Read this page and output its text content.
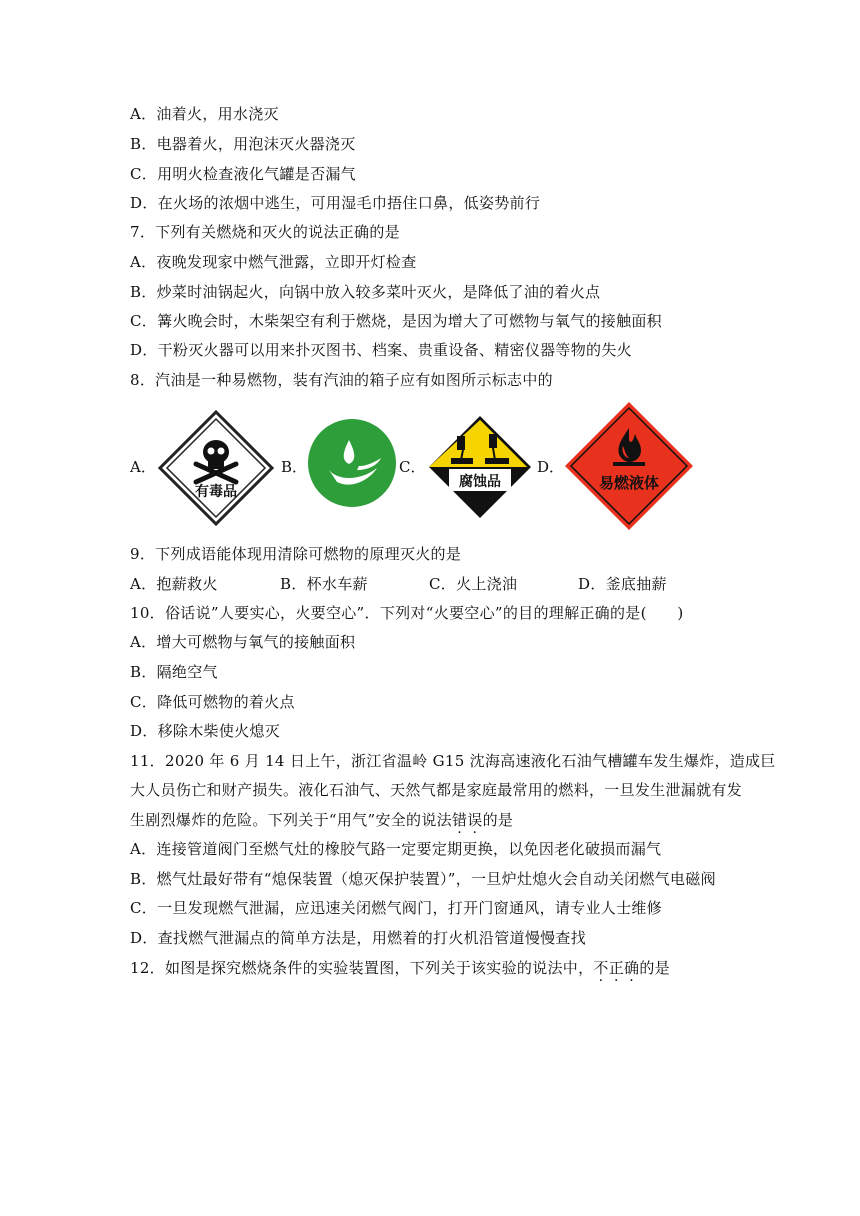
A．油着火，用水浇灭
B．电器着火，用泡沫灭火器浇灭
C．用明火检查液化气罐是否漏气
D．在火场的浓烟中逃生，可用湿毛巾捂住口鼻，低姿势前行
7．下列有关燃烧和灭火的说法正确的是
A．夜晚发现家中燃气泄露，立即开灯检查
B．炒菜时油锅起火，向锅中放入较多菜叶灭火，是降低了油的着火点
C．篝火晚会时，木柴架空有利于燃烧，是因为增大了可燃物与氧气的接触面积
D．干粉灭火器可以用来扑灭图书、档案、贵重设备、精密仪器等物的失火
8．汽油是一种易燃物，装有汽油的箱子应有如图所示标志中的
A．
有毒品
B．	C．
腐蚀品
D．
易燃液体
9．下列成语能体现用清除可燃物的原理灭火的是
A．抱薪救火	B．杯水车薪	C．火上浇油	D．釜底抽薪
10．俗话说”人要实心，火要空心”．下列对“火要空心”的目的理解正确的是(　　)
A．增大可燃物与氧气的接触面积
B．隔绝空气
C．降低可燃物的着火点
D．移除木柴使火熄灭
11．2020 年 6 月 14 日上午，浙江省温岭 G15 沈海高速液化石油气槽罐车发生爆炸，造成巨
大人员伤亡和财产损失。液化石油气、天然气都是家庭最常用的燃料，一旦发生泄漏就有发
生剧烈爆炸的危险。下列关于“用气”安全的说法错误的是
A．连接管道阀门至燃气灶的橡胶气路一定要定期更换，以免因老化破损而漏气
B．燃气灶最好带有“熄保装置（熄灭保护装置）”，一旦炉灶熄火会自动关闭燃气电磁阀
C．一旦发现燃气泄漏，应迅速关闭燃气阀门，打开门窗通风，请专业人士维修
D．查找燃气泄漏点的简单方法是，用燃着的打火机沿管道慢慢查找
12．如图是探究燃烧条件的实验装置图，下列关于该实验的说法中，不正确的是
